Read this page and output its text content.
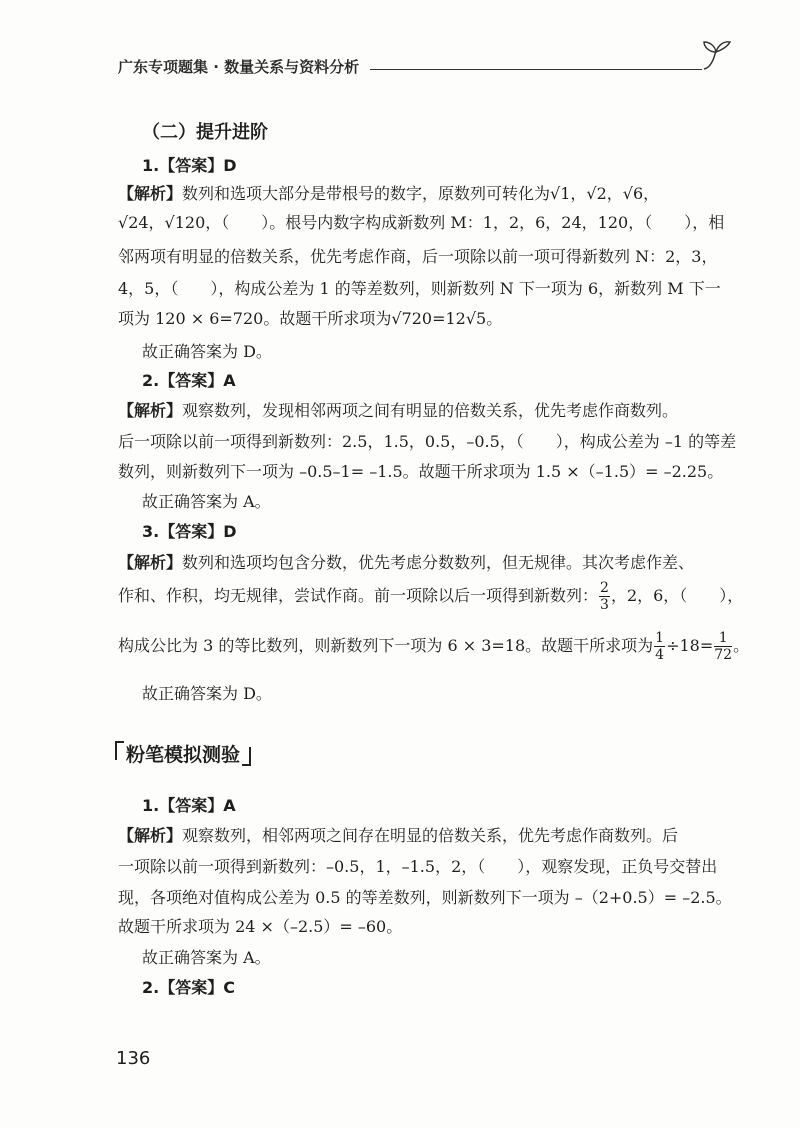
广东专项题集 · 数量关系与资料分析
（二）提升进阶
1.【答案】D
【解析】数列和选项大部分是带根号的数字，原数列可转化为√1，√2，√6，
√24，√120，（　　）。根号内数字构成新数列 M：1，2，6，24，120，（　　），相
邻两项有明显的倍数关系，优先考虑作商，后一项除以前一项可得新数列 N：2，3，
4，5，（　　），构成公差为 1 的等差数列，则新数列 N 下一项为 6，新数列 M 下一
项为 120 × 6=720。故题干所求项为√720=12√5。
故正确答案为 D。
2.【答案】A
【解析】观察数列，发现相邻两项之间有明显的倍数关系，优先考虑作商数列。
后一项除以前一项得到新数列：2.5，1.5，0.5，–0.5，（　　），构成公差为 –1 的等差
数列，则新数列下一项为 –0.5–1= –1.5。故题干所求项为 1.5 ×（–1.5）= –2.25。
故正确答案为 A。
3.【答案】D
【解析】数列和选项均包含分数，优先考虑分数数列，但无规律。其次考虑作差、
作和、作积，均无规律，尝试作商。前一项除以后一项得到新数列： $\frac{2}{3}$ ，2，6，（　　），
构成公比为 3 的等比数列，则新数列下一项为 6 × 3=18。故题干所求项为 $\frac{1}{4} \div 18= \frac{1}{72}$ 。
故正确答案为 D。
粉笔模拟测验
1.【答案】A
【解析】观察数列，相邻两项之间存在明显的倍数关系，优先考虑作商数列。后
一项除以前一项得到新数列：–0.5，1，–1.5，2，（　　），观察发现，正负号交替出
现，各项绝对值构成公差为 0.5 的等差数列，则新数列下一项为 –（2+0.5）= –2.5。
故题干所求项为 24 ×（–2.5）= –60。
故正确答案为 A。
2.【答案】C
136
